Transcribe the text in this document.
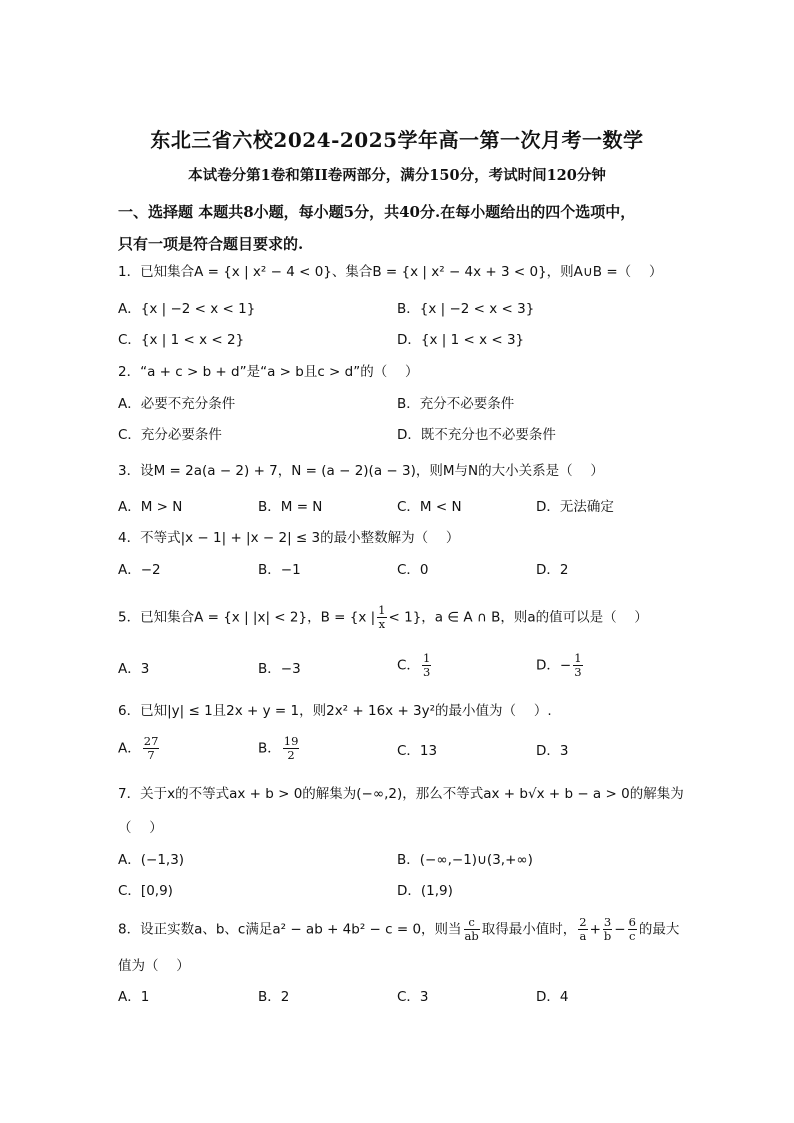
东北三省六校2024-2025学年高一第一次月考一数学
本试卷分第1卷和第II卷两部分，满分150分，考试时间120分钟
一、选择题 本题共8小题，每小题5分，共40分.在每小题给出的四个选项中，
只有一项是符合题目要求的.
1．已知集合A = {x | x² − 4 < 0}、集合B = {x | x² − 4x + 3 < 0}，则A∪B =（　 ）
A．{x | −2 < x < 1}	B．{x | −2 < x < 3}
C．{x | 1 < x < 2}	D．{x | 1 < x < 3}
2．“a + c > b + d”是“a > b且c > d”的（　 ）
A．必要不充分条件	B．充分不必要条件
C．充分必要条件	D．既不充分也不必要条件
3．设M = 2a(a − 2) + 7，N = (a − 2)(a − 3)，则M与N的大小关系是（　 ）
A．M > N	B．M = N	C．M < N	D．无法确定
4．不等式|x − 1| + |x − 2| ≤ 3的最小整数解为（　 ）
A．−2	B．−1	C．0	D．2
5．已知集合A = {x | |x| < 2}，B = {x | $\frac{1}{x} < 1$}，a ∈ A ∩ B，则a的值可以是（　 ）
A．3	B．−3	C． $\frac{1}{3}$	D．− $\frac{1}{3}$
6．已知|y| ≤ 1且2x + y = 1，则2x² + 16x + 3y²的最小值为（　 ）.
A． $\frac{27}{7}$	B． $\frac{19}{2}$	C．13	D．3
7．关于x的不等式ax + b > 0的解集为(−∞,2)，那么不等式ax + b√x + b − a > 0的解集为
（　 ）
A．(−1,3)	B．(−∞,−1)∪(3,+∞)
C．[0,9)	D．(1,9)
8．设正实数a、b、c满足a² − ab + 4b² − c = 0，则当 $\frac{c}{ab}$ 取得最小值时， $\frac{2}{a} + \frac{3}{b} - \frac{6}{c}$ 的最大
值为（　 ）
A．1	B．2	C．3	D．4
